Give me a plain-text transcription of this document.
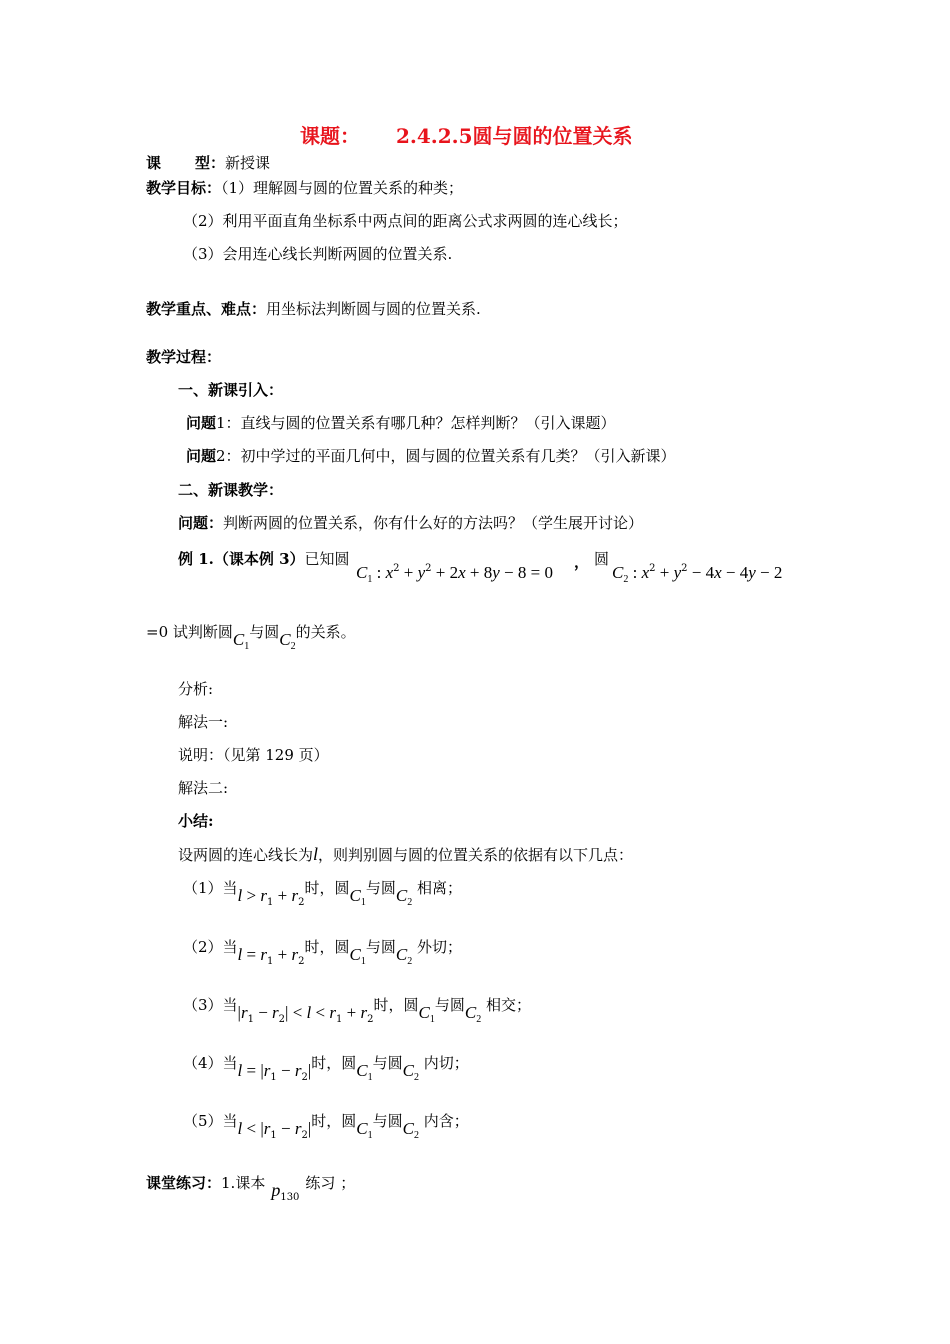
课题： 2.4.2.5圆与圆的位置关系
课 型：新授课
教学目标：（1）理解圆与圆的位置关系的种类；
（2）利用平面直角坐标系中两点间的距离公式求两圆的连心线长；
（3）会用连心线长判断两圆的位置关系.
教学重点、难点：用坐标法判断圆与圆的位置关系.
教学过程：
一、新课引入：
问题1：直线与圆的位置关系有哪几种？怎样判断？（引入课题）
问题2：初中学过的平面几何中，圆与圆的位置关系有几类？（引入新课）
二、新课教学：
问题：判断两圆的位置关系，你有什么好的方法吗？（学生展开讨论）
例 1.（课本例 3）已知圆
$C_1$ : $x^2 + y^2 + 2x + 8y - 8 = 0$
， 圆
$C_2$ : $x^2 + y^2 - 4x - 4y - 2$
=0 试判断圆$C_1$与圆$C_2$的关系。
分析:
解法一:
说明：（见第 129 页）
解法二:
小结:
设两圆的连心线长为l，则判别圆与圆的位置关系的依据有以下几点：
（1）当$l > r_1 + r_2$时，圆$C_1$与圆$C_2$ 相离；
（2）当$l = r_1 + r_2$时，圆$C_1$与圆$C_2$ 外切；
（3）当$|r_1 - r_2| < l < r_1 + r_2$时，圆$C_1$与圆$C_2$ 相交；
（4）当$l = |r_1 - r_2|$时，圆$C_1$与圆$C_2$ 内切；
（5）当$l < |r_1 - r_2|$时，圆$C_1$与圆$C_2$ 内含；
课堂练习：1.课本 $p_{130}$练习 ；
